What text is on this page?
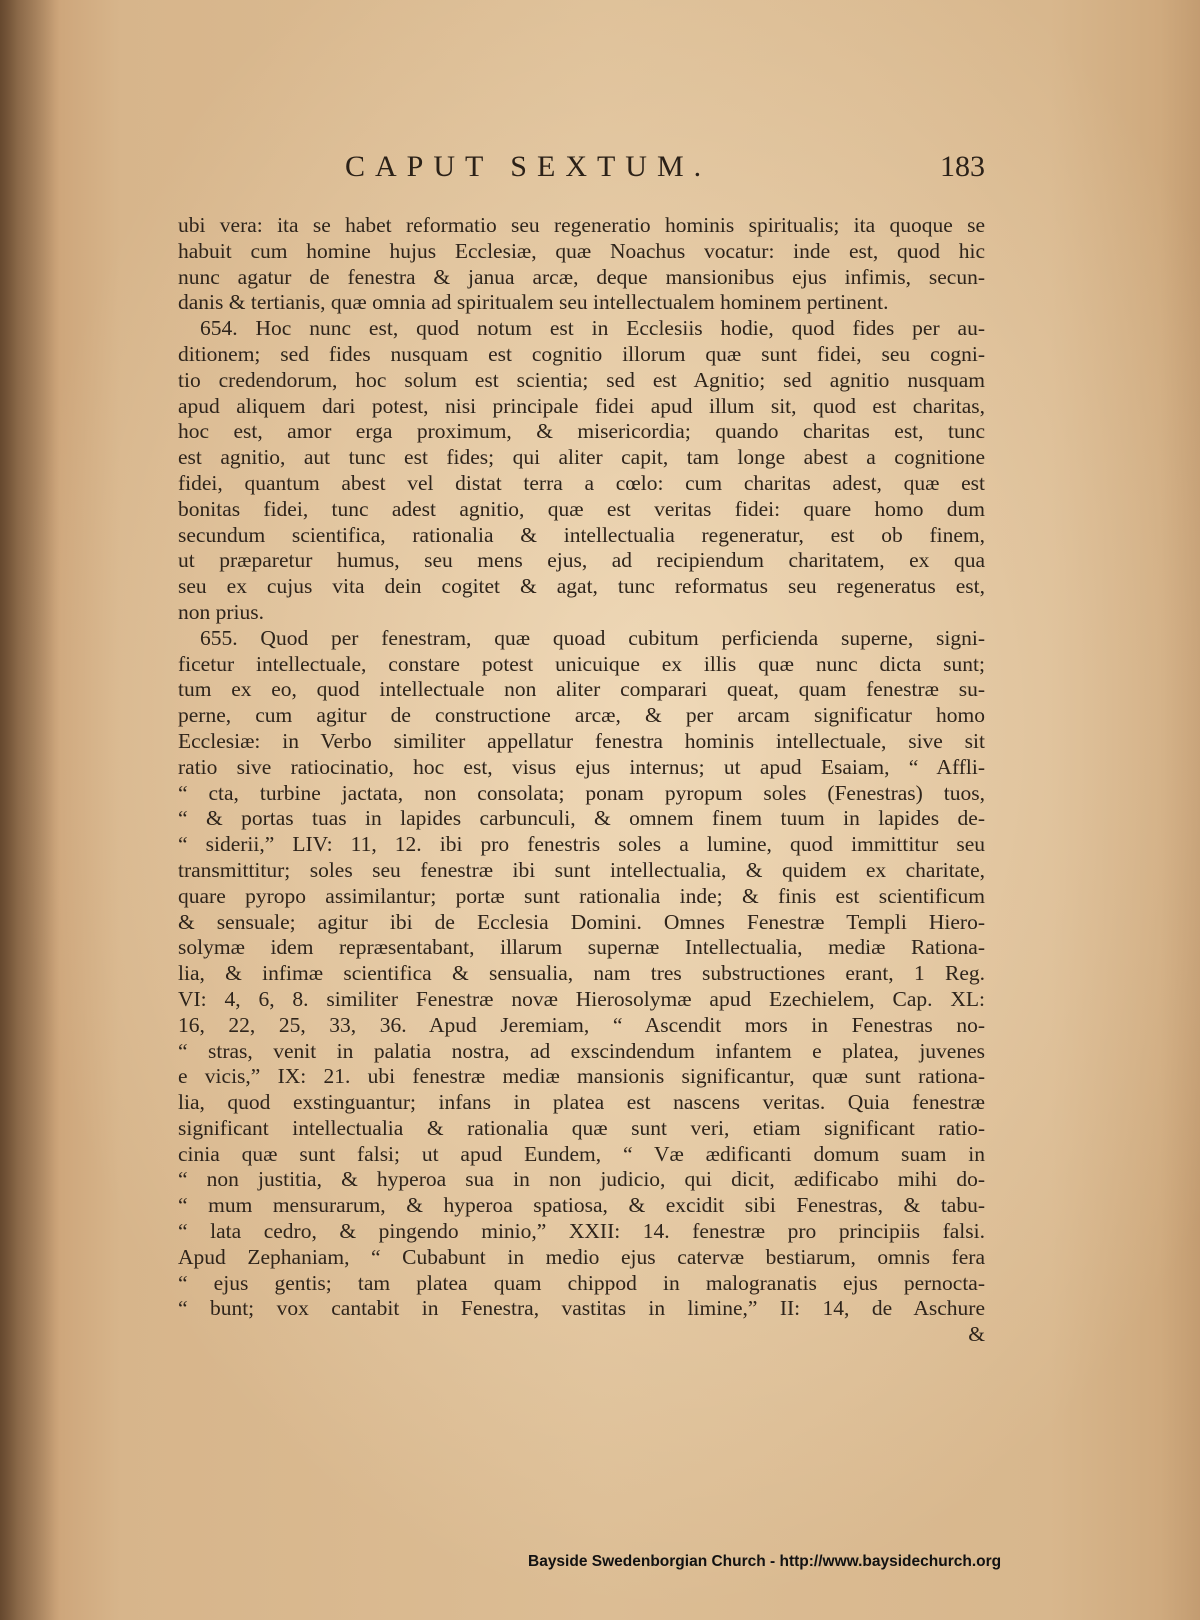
CAPUT SEXTUM.	183
ubi vera: ita se habet reformatio seu regeneratio hominis spiritualis; ita quoque se
habuit cum homine hujus Ecclesiæ, quæ Noachus vocatur: inde est, quod hic
nunc agatur de fenestra & janua arcæ, deque mansionibus ejus infimis, secun-
danis & tertianis, quæ omnia ad spiritualem seu intellectualem hominem pertinent.
654. Hoc nunc est, quod notum est in Ecclesiis hodie, quod fides per au-
ditionem; sed fides nusquam est cognitio illorum quæ sunt fidei, seu cogni-
tio credendorum, hoc solum est scientia; sed est Agnitio; sed agnitio nusquam
apud aliquem dari potest, nisi principale fidei apud illum sit, quod est charitas,
hoc est, amor erga proximum, & misericordia; quando charitas est, tunc
est agnitio, aut tunc est fides; qui aliter capit, tam longe abest a cognitione
fidei, quantum abest vel distat terra a cœlo: cum charitas adest, quæ est
bonitas fidei, tunc adest agnitio, quæ est veritas fidei: quare homo dum
secundum scientifica, rationalia & intellectualia regeneratur, est ob finem,
ut præparetur humus, seu mens ejus, ad recipiendum charitatem, ex qua
seu ex cujus vita dein cogitet & agat, tunc reformatus seu regeneratus est,
non prius.
655. Quod per fenestram, quæ quoad cubitum perficienda superne, signi-
ficetur intellectuale, constare potest unicuique ex illis quæ nunc dicta sunt;
tum ex eo, quod intellectuale non aliter comparari queat, quam fenestræ su-
perne, cum agitur de constructione arcæ, & per arcam significatur homo
Ecclesiæ: in Verbo similiter appellatur fenestra hominis intellectuale, sive sit
ratio sive ratiocinatio, hoc est, visus ejus internus; ut apud Esaiam, “ Affli-
“ cta, turbine jactata, non consolata; ponam pyropum soles (Fenestras) tuos,
“ & portas tuas in lapides carbunculi, & omnem finem tuum in lapides de-
“ siderii,” LIV: 11, 12. ibi pro fenestris soles a lumine, quod immittitur seu
transmittitur; soles seu fenestræ ibi sunt intellectualia, & quidem ex charitate,
quare pyropo assimilantur; portæ sunt rationalia inde; & finis est scientificum
& sensuale; agitur ibi de Ecclesia Domini. Omnes Fenestræ Templi Hiero-
solymæ idem repræsentabant, illarum supernæ Intellectualia, mediæ Rationa-
lia, & infimæ scientifica & sensualia, nam tres substructiones erant, 1 Reg.
VI: 4, 6, 8. similiter Fenestræ novæ Hierosolymæ apud Ezechielem, Cap. XL:
16, 22, 25, 33, 36. Apud Jeremiam, “ Ascendit mors in Fenestras no-
“ stras, venit in palatia nostra, ad exscindendum infantem e platea, juvenes
e vicis,” IX: 21. ubi fenestræ mediæ mansionis significantur, quæ sunt rationa-
lia, quod exstinguantur; infans in platea est nascens veritas. Quia fenestræ
significant intellectualia & rationalia quæ sunt veri, etiam significant ratio-
cinia quæ sunt falsi; ut apud Eundem, “ Væ ædificanti domum suam in
“ non justitia, & hyperoa sua in non judicio, qui dicit, ædificabo mihi do-
“ mum mensurarum, & hyperoa spatiosa, & excidit sibi Fenestras, & tabu-
“ lata cedro, & pingendo minio,” XXII: 14. fenestræ pro principiis falsi.
Apud Zephaniam, “ Cubabunt in medio ejus catervæ bestiarum, omnis fera
“ ejus gentis; tam platea quam chippod in malogranatis ejus pernocta-
“ bunt; vox cantabit in Fenestra, vastitas in limine,” II: 14, de Aschure
&
Bayside Swedenborgian Church - http://www.baysidechurch.org
